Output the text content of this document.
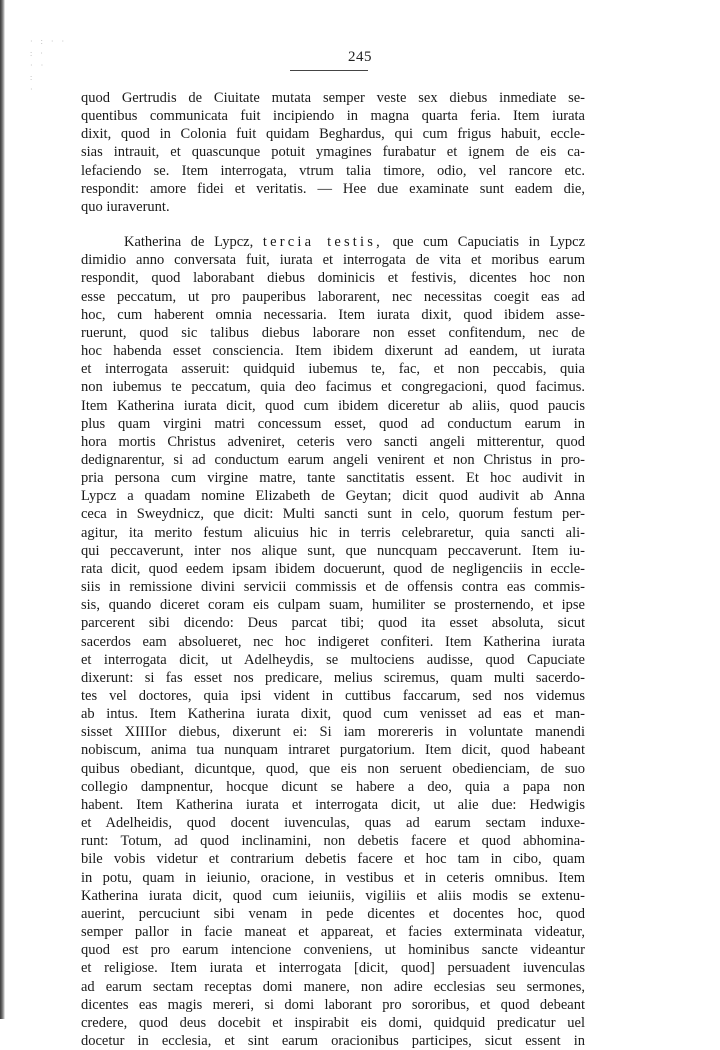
· : · ·
: ·
· ·
:
·
245
quod Gertrudis de Ciuitate mutata semper veste sex diebus inmediate se-
quentibus communicata fuit incipiendo in magna quarta feria. Item iurata
dixit, quod in Colonia fuit quidam Beghardus, qui cum frigus habuit, eccle-
sias intrauit, et quascunque potuit ymagines furabatur et ignem de eis ca-
lefaciendo se. Item interrogata, vtrum talia timore, odio, vel rancore etc.
respondit: amore fidei et veritatis. — Hee due examinate sunt eadem die,
quo iuraverunt.
Katherina de Lypcz, tercia testis, que cum Capuciatis in Lypcz
dimidio anno conversata fuit, iurata et interrogata de vita et moribus earum
respondit, quod laborabant diebus dominicis et festivis, dicentes hoc non
esse peccatum, ut pro pauperibus laborarent, nec necessitas coegit eas ad
hoc, cum haberent omnia necessaria. Item iurata dixit, quod ibidem asse-
ruerunt, quod sic talibus diebus laborare non esset confitendum, nec de
hoc habenda esset consciencia. Item ibidem dixerunt ad eandem, ut iurata
et interrogata asseruit: quidquid iubemus te, fac, et non peccabis, quia
non iubemus te peccatum, quia deo facimus et congregacioni, quod facimus.
Item Katherina iurata dicit, quod cum ibidem diceretur ab aliis, quod paucis
plus quam virgini matri concessum esset, quod ad conductum earum in
hora mortis Christus adveniret, ceteris vero sancti angeli mitterentur, quod
dedignarentur, si ad conductum earum angeli venirent et non Christus in pro-
pria persona cum virgine matre, tante sanctitatis essent. Et hoc audivit in
Lypcz a quadam nomine Elizabeth de Geytan; dicit quod audivit ab Anna
ceca in Sweydnicz, que dicit: Multi sancti sunt in celo, quorum festum per-
agitur, ita merito festum alicuius hic in terris celebraretur, quia sancti ali-
qui peccaverunt, inter nos alique sunt, que nuncquam peccaverunt. Item iu-
rata dicit, quod eedem ipsam ibidem docuerunt, quod de negligenciis in eccle-
siis in remissione divini servicii commissis et de offensis contra eas commis-
sis, quando diceret coram eis culpam suam, humiliter se prosternendo, et ipse
parcerent sibi dicendo: Deus parcat tibi; quod ita esset absoluta, sicut
sacerdos eam absolueret, nec hoc indigeret confiteri. Item Katherina iurata
et interrogata dicit, ut Adelheydis, se multociens audisse, quod Capuciate
dixerunt: si fas esset nos predicare, melius sciremus, quam multi sacerdo-
tes vel doctores, quia ipsi vident in cuttibus faccarum, sed nos videmus
ab intus. Item Katherina iurata dixit, quod cum venisset ad eas et man-
sisset XIIIIor diebus, dixerunt ei: Si iam morereris in voluntate manendi
nobiscum, anima tua nunquam intraret purgatorium. Item dicit, quod habeant
quibus obediant, dicuntque, quod, que eis non seruent obedienciam, de suo
collegio dampnentur, hocque dicunt se habere a deo, quia a papa non
habent. Item Katherina iurata et interrogata dicit, ut alie due: Hedwigis
et Adelheidis, quod docent iuvenculas, quas ad earum sectam induxe-
runt: Totum, ad quod inclinamini, non debetis facere et quod abhomina-
bile vobis videtur et contrarium debetis facere et hoc tam in cibo, quam
in potu, quam in ieiunio, oracione, in vestibus et in ceteris omnibus. Item
Katherina iurata dicit, quod cum ieiuniis, vigiliis et aliis modis se extenu-
auerint, percuciunt sibi venam in pede dicentes et docentes hoc, quod
semper pallor in facie maneat et appareat, et facies exterminata videatur,
quod est pro earum intencione conveniens, ut hominibus sancte videantur
et religiose. Item iurata et interrogata [dicit, quod] persuadent iuvenculas
ad earum sectam receptas domi manere, non adire ecclesias seu sermones,
dicentes eas magis mereri, si domi laborant pro sororibus, et quod debeant
credere, quod deus docebit et inspirabit eis domi, quidquid predicatur uel
docetur in ecclesia, et sint earum oracionibus participes, sicut essent in
